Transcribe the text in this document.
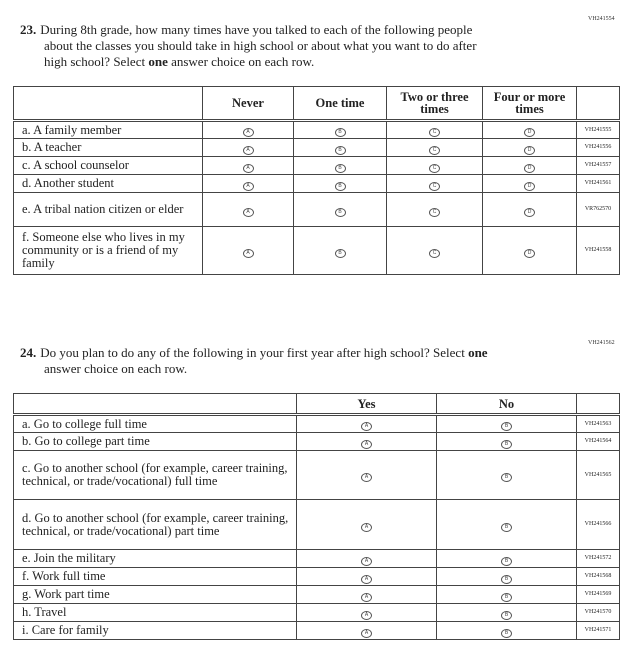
VH241554
23. During 8th grade, how many times have you talked to each of the following people
about the classes you should take in high school or about what you want to do after
high school? Select one answer choice on each row.
	Never	One time	Two or three times	Four or more times	
a. A family member	A	B	C	D	VH241555
b. A teacher	A	B	C	D	VH241556
c. A school counselor	A	B	C	D	VH241557
d. Another student	A	B	C	D	VH241561
e. A tribal nation citizen or elder	A	B	C	D	VR762570
f. Someone else who lives in my community or is a friend of my family	A	B	C	D	VH241558
VH241562
24. Do you plan to do any of the following in your first year after high school? Select one
answer choice on each row.
	Yes	No	
a. Go to college full time	A	B	VH241563
b. Go to college part time	A	B	VH241564
c. Go to another school (for example, career training, technical, or trade/vocational) full time	A	B	VH241565
d. Go to another school (for example, career training, technical, or trade/vocational) part time	A	B	VH241566
e. Join the military	A	B	VH241572
f. Work full time	A	B	VH241568
g. Work part time	A	B	VH241569
h. Travel	A	B	VH241570
i. Care for family	A	B	VH241571
